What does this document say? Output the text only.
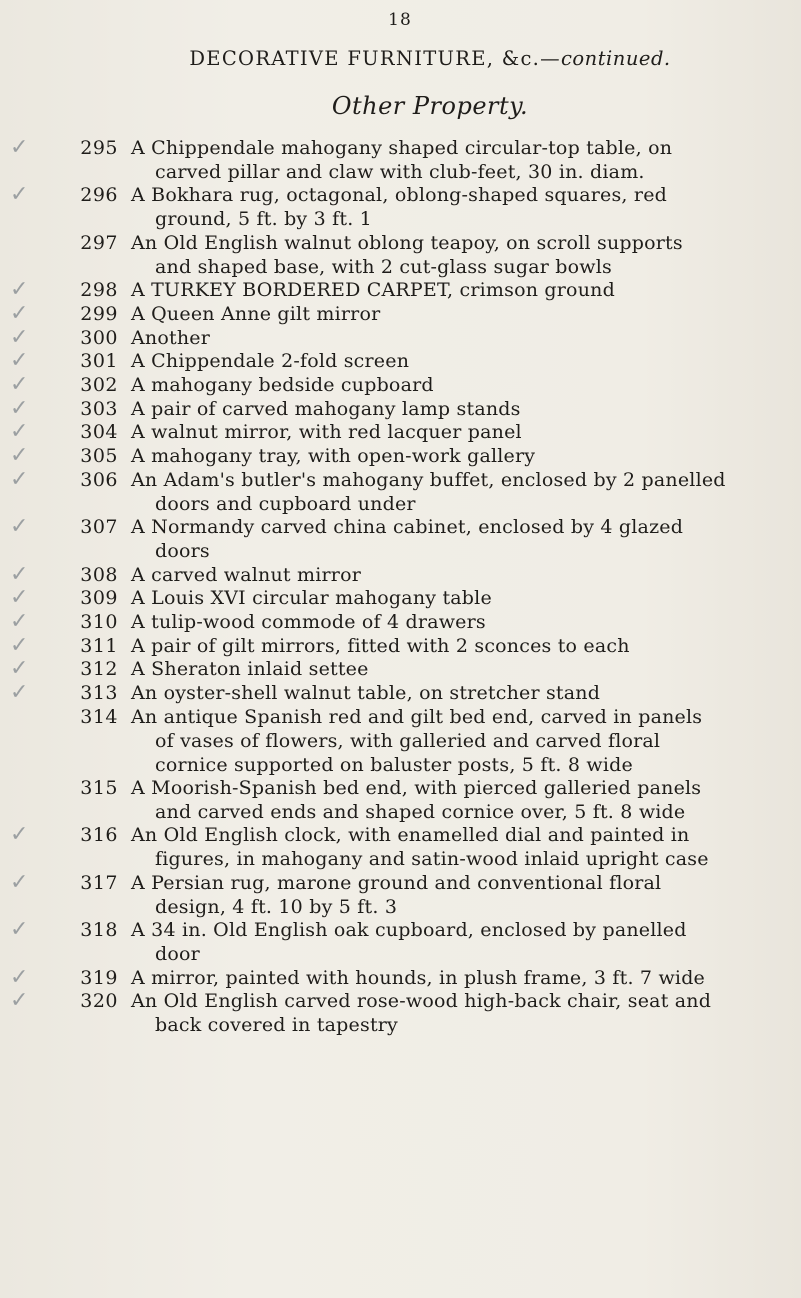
18
DECORATIVE FURNITURE, &c.—continued.
Other Property.
✓	295 A Chippendale mahogany shaped circular-top table, on
carved pillar and claw with club-feet, 30 in. diam.
✓	296 A Bokhara rug, octagonal, oblong-shaped squares, red
ground, 5 ft. by 3 ft. 1
297 An Old English walnut oblong teapoy, on scroll supports
and shaped base, with 2 cut-glass sugar bowls
✓	298 A TURKEY BORDERED CARPET, crimson ground
✓	299 A Queen Anne gilt mirror
✓	300 Another
✓	301 A Chippendale 2-fold screen
✓	302 A mahogany bedside cupboard
✓	303 A pair of carved mahogany lamp stands
✓	304 A walnut mirror, with red lacquer panel
✓	305 A mahogany tray, with open-work gallery
✓	306 An Adam's butler's mahogany buffet, enclosed by 2 panelled
doors and cupboard under
✓	307 A Normandy carved china cabinet, enclosed by 4 glazed
doors
✓	308 A carved walnut mirror
✓	309 A Louis XVI circular mahogany table
✓	310 A tulip-wood commode of 4 drawers
✓	311 A pair of gilt mirrors, fitted with 2 sconces to each
✓	312 A Sheraton inlaid settee
✓	313 An oyster-shell walnut table, on stretcher stand
314 An antique Spanish red and gilt bed end, carved in panels
of vases of flowers, with galleried and carved floral
cornice supported on baluster posts, 5 ft. 8 wide
315 A Moorish-Spanish bed end, with pierced galleried panels
and carved ends and shaped cornice over, 5 ft. 8 wide
✓	316 An Old English clock, with enamelled dial and painted in
figures, in mahogany and satin-wood inlaid upright case
✓	317 A Persian rug, marone ground and conventional floral
design, 4 ft. 10 by 5 ft. 3
✓	318 A 34 in. Old English oak cupboard, enclosed by panelled
door
✓	319 A mirror, painted with hounds, in plush frame, 3 ft. 7 wide
✓	320 An Old English carved rose-wood high-back chair, seat and
back covered in tapestry
